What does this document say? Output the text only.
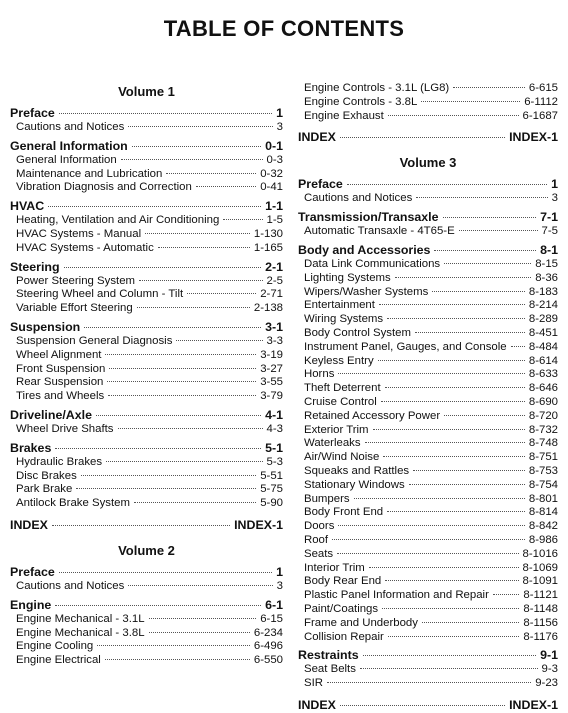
TABLE OF CONTENTS
Volume 1
Preface	1
Cautions and Notices	3
General Information	0-1
General Information	0-3
Maintenance and Lubrication	0-32
Vibration Diagnosis and Correction	0-41
HVAC	1-1
Heating, Ventilation and Air Conditioning	1-5
HVAC Systems - Manual	1-130
HVAC Systems - Automatic	1-165
Steering	2-1
Power Steering System	2-5
Steering Wheel and Column - Tilt	2-71
Variable Effort Steering	2-138
Suspension	3-1
Suspension General Diagnosis	3-3
Wheel Alignment	3-19
Front Suspension	3-27
Rear Suspension	3-55
Tires and Wheels	3-79
Driveline/Axle	4-1
Wheel Drive Shafts	4-3
Brakes	5-1
Hydraulic Brakes	5-3
Disc Brakes	5-51
Park Brake	5-75
Antilock Brake System	5-90
INDEX	INDEX-1
Volume 2
Preface	1
Cautions and Notices	3
Engine	6-1
Engine Mechanical - 3.1L	6-15
Engine Mechanical - 3.8L	6-234
Engine Cooling	6-496
Engine Electrical	6-550
Engine Controls - 3.1L (LG8)	6-615
Engine Controls - 3.8L	6-1112
Engine Exhaust	6-1687
INDEX	INDEX-1
Volume 3
Preface	1
Cautions and Notices	3
Transmission/Transaxle	7-1
Automatic Transaxle - 4T65-E	7-5
Body and Accessories	8-1
Data Link Communications	8-15
Lighting Systems	8-36
Wipers/Washer Systems	8-183
Entertainment	8-214
Wiring Systems	8-289
Body Control System	8-451
Instrument Panel, Gauges, and Console 8-484
Keyless Entry	8-614
Horns	8-633
Theft Deterrent	8-646
Cruise Control	8-690
Retained Accessory Power	8-720
Exterior Trim	8-732
Waterleaks	8-748
Air/Wind Noise	8-751
Squeaks and Rattles	8-753
Stationary Windows	8-754
Bumpers	8-801
Body Front End	8-814
Doors	8-842
Roof	8-986
Seats	8-1016
Interior Trim	8-1069
Body Rear End	8-1091
Plastic Panel Information and Repair	8-1121
Paint/Coatings	8-1148
Frame and Underbody	8-1156
Collision Repair	8-1176
Restraints	9-1
Seat Belts	9-3
SIR	9-23
INDEX	INDEX-1
